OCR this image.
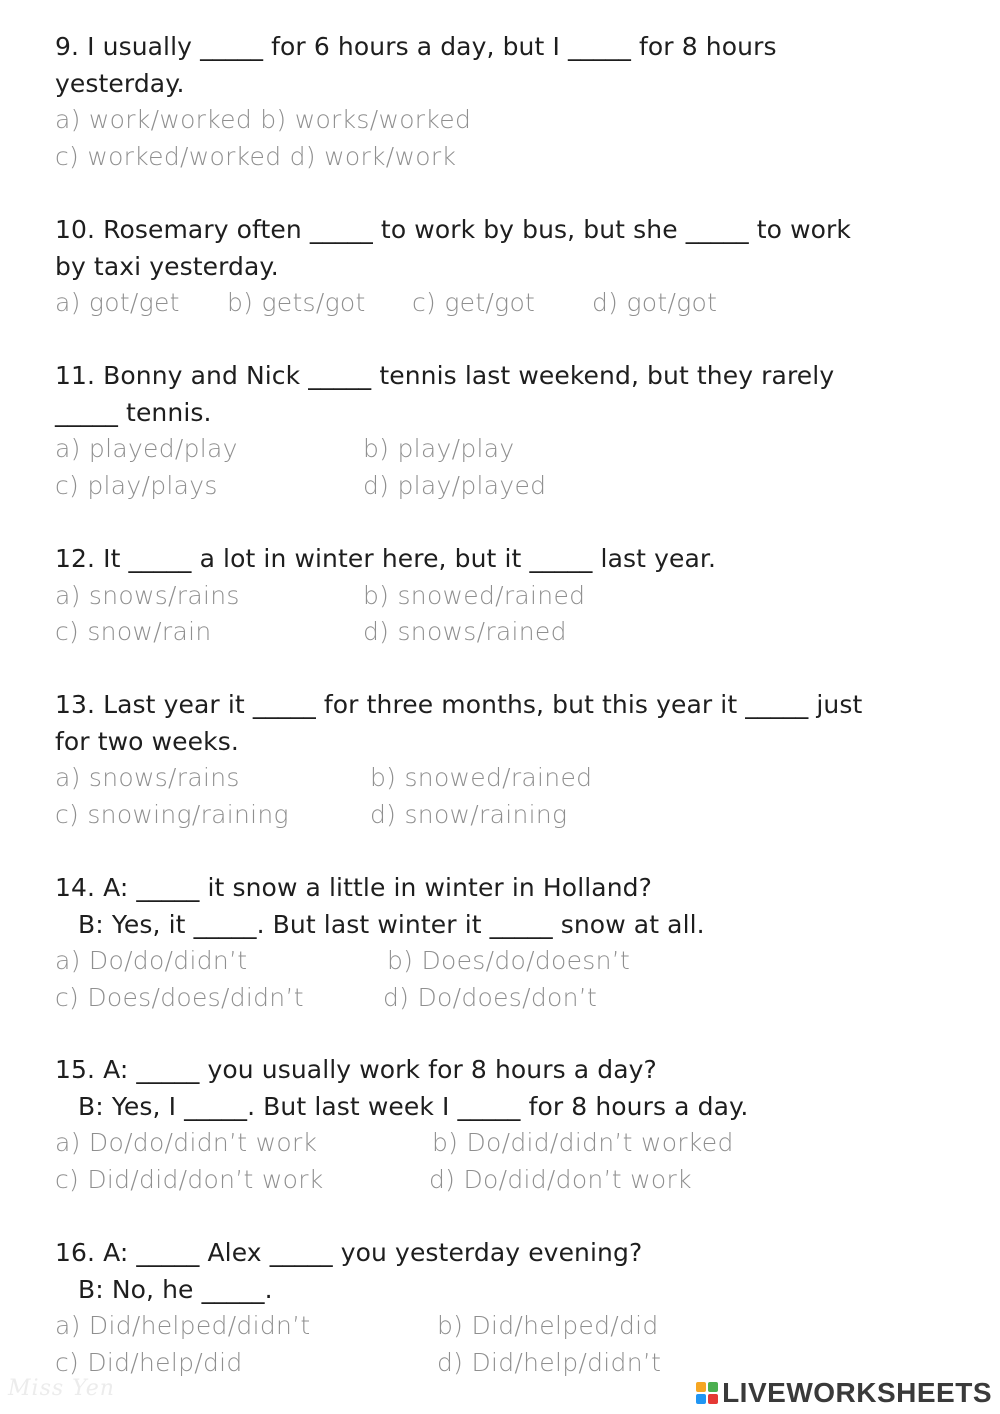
9. I usually _____ for 6 hours a day, but I _____ for 8 hours
yesterday.
a) work/worked b) works/worked
c) worked/worked d) work/work
10. Rosemary often _____ to work by bus, but she _____ to work
by taxi yesterday.
a) got/get b) gets/got c) get/got d) got/got
11. Bonny and Nick _____ tennis last weekend, but they rarely
_____ tennis.
a) played/play	b) play/play
c) play/plays	d) play/played
12. It _____ a lot in winter here, but it _____ last year.
a) snows/rains	b) snowed/rained
c) snow/rain	d) snows/rained
13. Last year it _____ for three months, but this year it _____ just
for two weeks.
a) snows/rains	b) snowed/rained
c) snowing/raining	d) snow/raining
14. A: _____ it snow a little in winter in Holland?
B: Yes, it _____. But last winter it _____ snow at all.
a) Do/do/didn’t	b) Does/do/doesn’t
c) Does/does/didn’t	d) Do/does/don’t
15. A: _____ you usually work for 8 hours a day?
B: Yes, I _____. But last week I _____ for 8 hours a day.
a) Do/do/didn’t work	b) Do/did/didn’t worked
c) Did/did/don’t work	d) Do/did/don’t work
16. A: _____ Alex _____ you yesterday evening?
B: No, he _____.
a) Did/helped/didn’t	b) Did/helped/did
c) Did/help/did	d) Did/help/didn’t
Miss Yen	LIVEWORKSHEETS
